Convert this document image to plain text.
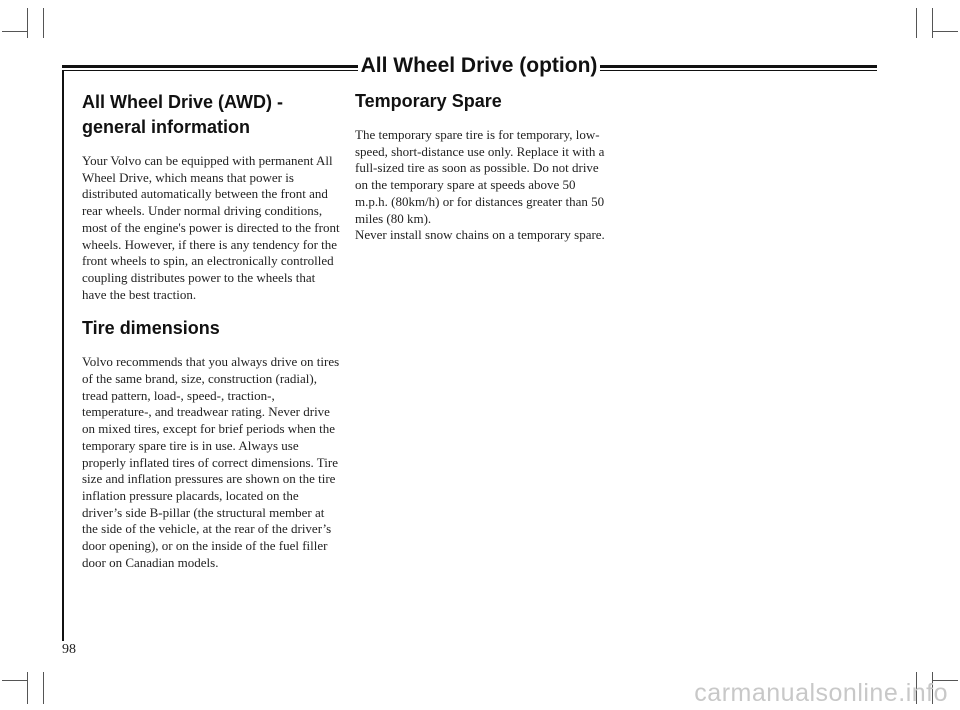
All Wheel Drive (option)
All Wheel Drive (AWD) -
general information

Your Volvo can be equipped with permanent All Wheel Drive, which means that power is distributed automatically between the front and rear wheels. Under normal driving conditions, most of the engine's power is directed to the front wheels. However, if there is any tendency for the front wheels to spin, an electronically controlled coupling distributes power to the wheels that have the best traction.

Tire dimensions

Volvo recommends that you always drive on tires of the same brand, size, construction (radial), tread pattern, load-, speed-, traction-, temperature-, and treadwear rating. Never drive on mixed tires, except for brief periods when the temporary spare tire is in use. Always use properly inflated tires of correct dimensions. Tire size and inflation pressures are shown on the tire inflation pressure placards, located on the driver’s side B-pillar (the structural member at the side of the vehicle, at the rear of the driver’s door opening), or on the inside of the fuel filler door on Canadian models.

Temporary Spare

The temporary spare tire is for temporary, low-speed, short-distance use only. Replace it with a full-sized tire as soon as possible. Do not drive on the temporary spare at speeds above 50 m.p.h. (80km/h) or for distances greater than 50 miles (80 km).

Never install snow chains on a temporary spare.

98
carmanualsonline.info
